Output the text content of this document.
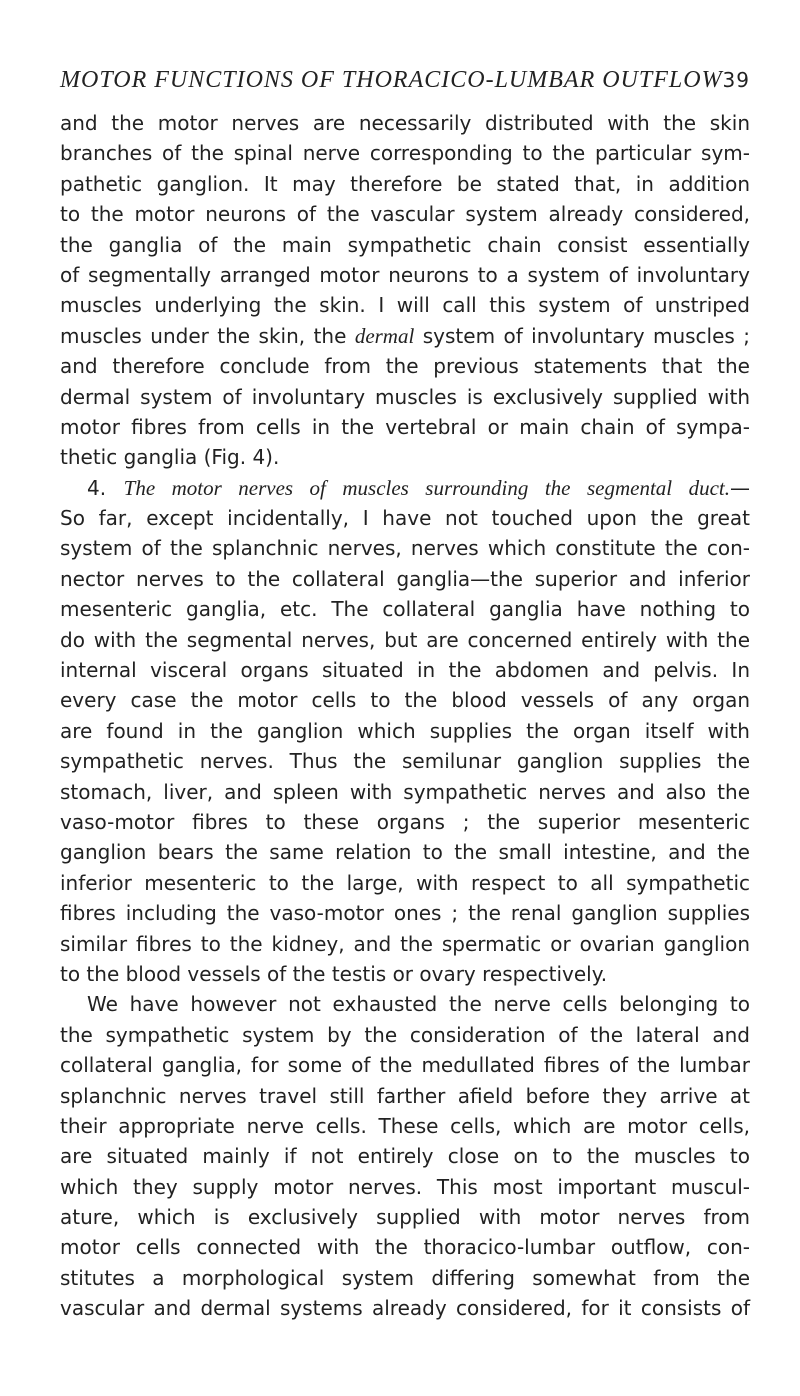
MOTOR FUNCTIONS OF THORACICO-LUMBAR OUTFLOW 39
and the motor nerves are necessarily distributed with the skin
branches of the spinal nerve corresponding to the particular sym-
pathetic ganglion. It may therefore be stated that, in addition
to the motor neurons of the vascular system already considered,
the ganglia of the main sympathetic chain consist essentially
of segmentally arranged motor neurons to a system of involuntary
muscles underlying the skin. I will call this system of unstriped
muscles under the skin, the dermal system of involuntary muscles ;
and therefore conclude from the previous statements that the
dermal system of involuntary muscles is exclusively supplied with
motor fibres from cells in the vertebral or main chain of sympa-
thetic ganglia (Fig. 4).
4. The motor nerves of muscles surrounding the segmental duct.—
So far, except incidentally, I have not touched upon the great
system of the splanchnic nerves, nerves which constitute the con-
nector nerves to the collateral ganglia—the superior and inferior
mesenteric ganglia, etc. The collateral ganglia have nothing to
do with the segmental nerves, but are concerned entirely with the
internal visceral organs situated in the abdomen and pelvis. In
every case the motor cells to the blood vessels of any organ
are found in the ganglion which supplies the organ itself with
sympathetic nerves. Thus the semilunar ganglion supplies the
stomach, liver, and spleen with sympathetic nerves and also the
vaso-motor fibres to these organs ; the superior mesenteric
ganglion bears the same relation to the small intestine, and the
inferior mesenteric to the large, with respect to all sympathetic
fibres including the vaso-motor ones ; the renal ganglion supplies
similar fibres to the kidney, and the spermatic or ovarian ganglion
to the blood vessels of the testis or ovary respectively.
We have however not exhausted the nerve cells belonging to
the sympathetic system by the consideration of the lateral and
collateral ganglia, for some of the medullated fibres of the lumbar
splanchnic nerves travel still farther afield before they arrive at
their appropriate nerve cells. These cells, which are motor cells,
are situated mainly if not entirely close on to the muscles to
which they supply motor nerves. This most important muscul-
ature, which is exclusively supplied with motor nerves from
motor cells connected with the thoracico-lumbar outflow, con-
stitutes a morphological system differing somewhat from the
vascular and dermal systems already considered, for it consists of
